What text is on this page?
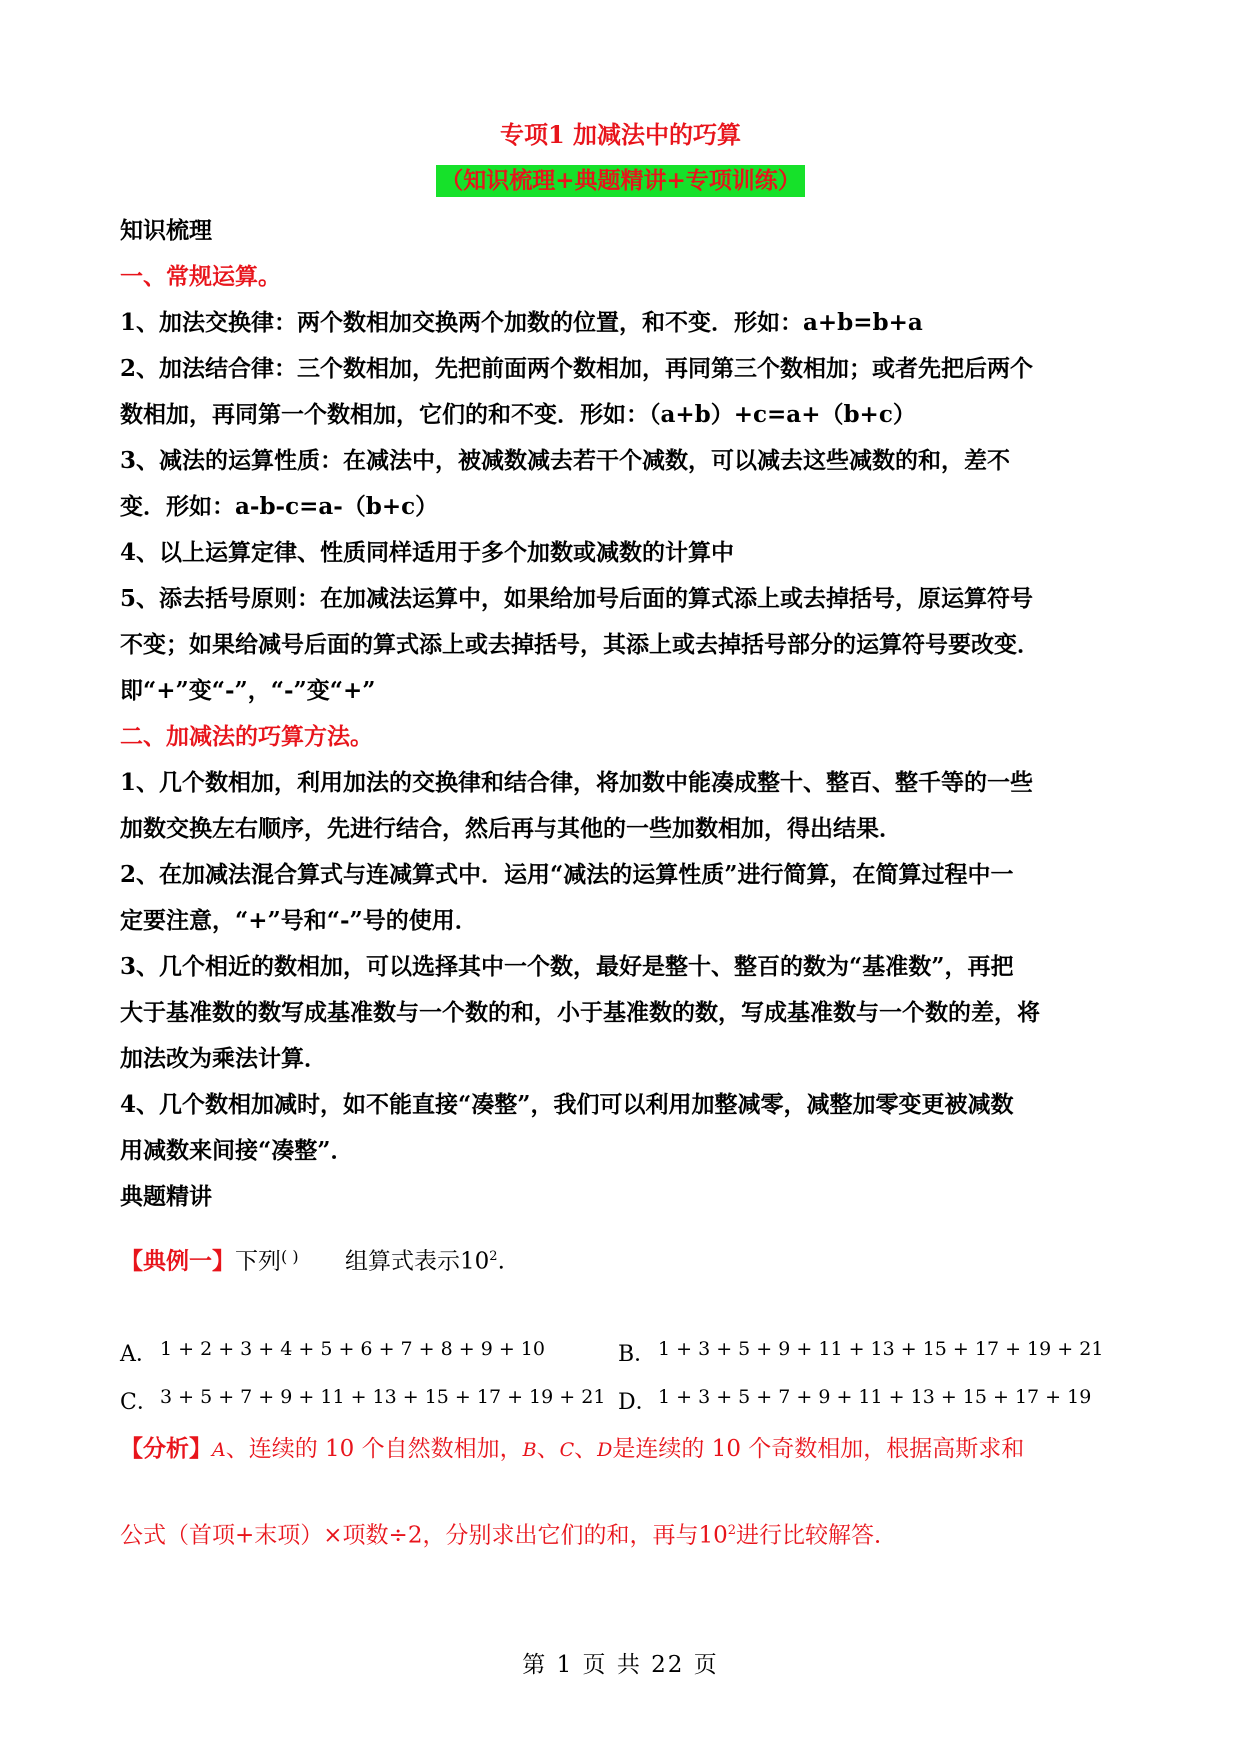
专项1 加减法中的巧算
（知识梳理+典题精讲+专项训练）
知识梳理
一、常规运算。
1、加法交换律：两个数相加交换两个加数的位置，和不变．形如：a+b=b+a
2、加法结合律：三个数相加，先把前面两个数相加，再同第三个数相加；或者先把后两个
数相加，再同第一个数相加，它们的和不变．形如：（a+b）+c=a+（b+c）
3、减法的运算性质：在减法中，被减数减去若干个减数，可以减去这些减数的和，差不
变．形如：a-b-c=a-（b+c）
4、以上运算定律、性质同样适用于多个加数或减数的计算中
5、添去括号原则：在加减法运算中，如果给加号后面的算式添上或去掉括号，原运算符号
不变；如果给减号后面的算式添上或去掉括号，其添上或去掉括号部分的运算符号要改变．
即“+”变“-”，“-”变“+”
二、加减法的巧算方法。
1、几个数相加，利用加法的交换律和结合律，将加数中能凑成整十、整百、整千等的一些
加数交换左右顺序，先进行结合，然后再与其他的一些加数相加，得出结果．
2、在加减法混合算式与连减算式中．运用“减法的运算性质”进行简算，在简算过程中一
定要注意，“+”号和“-”号的使用．
3、几个相近的数相加，可以选择其中一个数，最好是整十、整百的数为“基准数”，再把
大于基准数的数写成基准数与一个数的和，小于基准数的数，写成基准数与一个数的差，将
加法改为乘法计算．
4、几个数相加减时，如不能直接“凑整”，我们可以利用加整减零，减整加零变更被减数
用减数来间接“凑整”．
典题精讲
【典例一】下列( ) 组算式表示$10^2$.
A． 1 + 2 + 3 + 4 + 5 + 6 + 7 + 8 + 9 + 10	B．1 + 3 + 5 + 9 + 11 + 13 + 15 + 17 + 19 + 21
C．3 + 5 + 7 + 9 + 11 + 13 + 15 + 17 + 19 + 21 D．1 + 3 + 5 + 7 + 9 + 11 + 13 + 15 + 17 + 19
【分析】A、连续的 10 个自然数相加，B、C、D是连续的 10 个奇数相加，根据高斯求和
公式（首项+末项）×项数÷2，分别求出它们的和，再与$10^2$进行比较解答．
第 1 页 共 22 页
